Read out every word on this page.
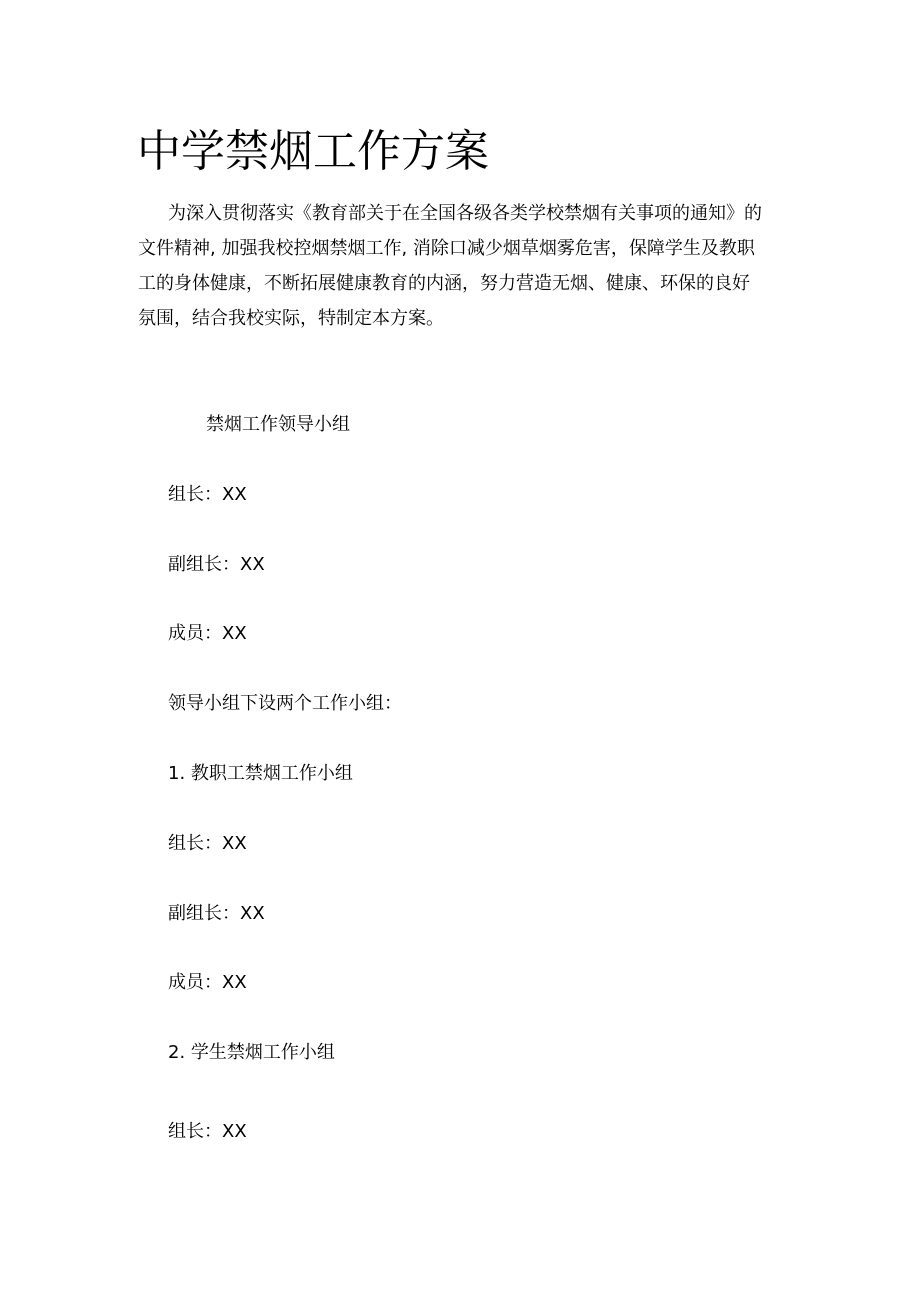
中学禁烟工作方案

为深入贯彻落实《教育部关于在全国各级各类学校禁烟有关事项的通知》的
文件精神, 加强我校控烟禁烟工作, 消除口减少烟草烟雾危害，保障学生及教职
工的身体健康，不断拓展健康教育的内涵，努力营造无烟、健康、环保的良好
氛围，结合我校实际，特制定本方案。

禁烟工作领导小组

组长：XX

副组长：XX

成员：XX

领导小组下设两个工作小组：

1. 教职工禁烟工作小组

组长：XX

副组长：XX

成员：XX

2. 学生禁烟工作小组

组长：XX
